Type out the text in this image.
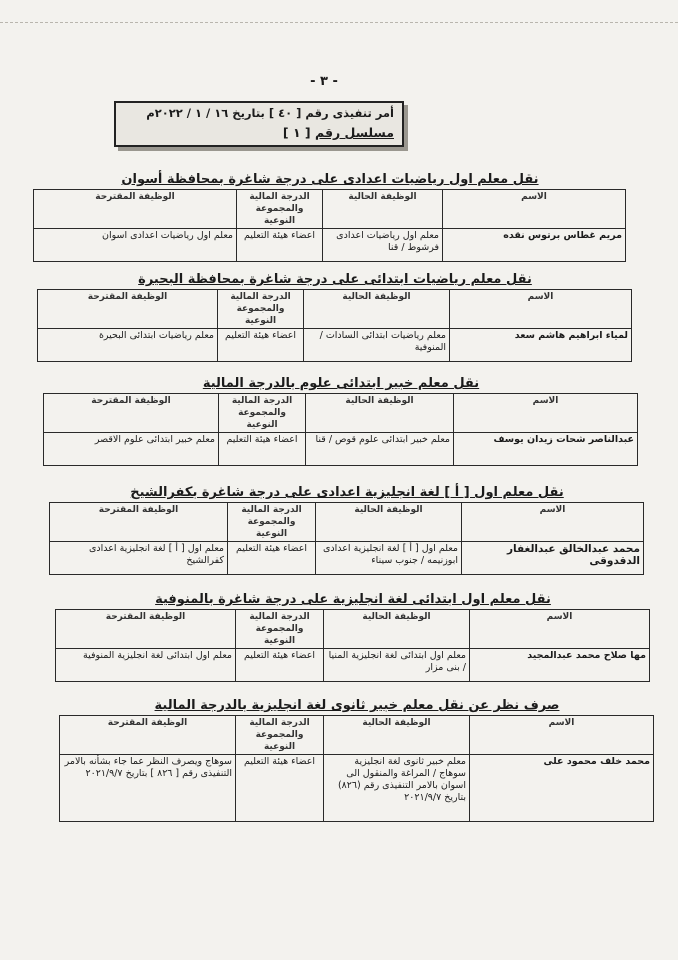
- ٣ -
أمر تنفيذى رقم [ ٤٠ ] بتاريخ ١٦ / ١ / ٢٠٢٢م
مسلسل رقم [ ١ ]
نقل معلم اول رياضيات اعدادى على درجة شاغرة بمحافظة أسوان
الاسم	الوظيفة الحالية	الدرجة المالية والمجموعة النوعية	الوظيفة المقترحة
مريم غطاس برتوس نقده	معلم اول رياضيات اعدادى فرشوط / قنا	اعضاء هيئة التعليم	معلم اول رياضيات اعدادى اسوان
نقل معلم رياضيات ابتدائى على درجة شاغرة بمحافظة البحيرة
الاسم	الوظيفة الحالية	الدرجة المالية والمجموعة النوعية	الوظيفة المقترحة
لمياء ابراهيم هاشم سعد	معلم رياضيات ابتدائى السادات / المنوفية	اعضاء هيئة التعليم	معلم رياضيات ابتدائى البحيرة
نقل معلم خبير ابتدائى علوم بالدرجة المالية
الاسم	الوظيفة الحالية	الدرجة المالية والمجموعة النوعية	الوظيفة المقترحة
عبدالناصر شحات زيدان يوسف	معلم خبير ابتدائى علوم قوص / قنا	اعضاء هيئة التعليم	معلم خبير ابتدائى علوم الاقصر
نقل معلم اول [ أ ] لغة انجليزية اعدادى على درجة شاغرة بكفرالشيخ
الاسم	الوظيفة الحالية	الدرجة المالية والمجموعة النوعية	الوظيفة المقترحة
محمد عبدالخالق عبدالغفار الدقدوقى	معلم اول [ أ ] لغة انجليزية اعدادى ابوزنيمه / جنوب سيناء	اعضاء هيئة التعليم	معلم اول [ أ ] لغة انجليزية اعدادى كفرالشيخ
نقل معلم اول ابتدائى لغة انجليزية على درجة شاغرة بالمنوفية
الاسم	الوظيفة الحالية	الدرجة المالية والمجموعة النوعية	الوظيفة المقترحة
مها صلاح محمد عبدالمجيد	معلم اول ابتدائى لغة انجليزية المنيا / بنى مزار	اعضاء هيئة التعليم	معلم اول ابتدائى لغة انجليزية المنوفية
صرف نظر عن نقل معلم خبير ثانوى لغة انجليزية بالدرجة المالية
الاسم	الوظيفة الحالية	الدرجة المالية والمجموعة النوعية	الوظيفة المقترحة
محمد خلف محمود على	معلم خبير ثانوى لغة انجليزية سوهاج / المراغة والمنقول الى اسوان بالامر التنفيذى رقم (٨٢٦) بتاريخ ٢٠٢١/٩/٧	اعضاء هيئة التعليم	سوهاج ويصرف النظر عما جاء بشأنه بالامر التنفيذى رقم [ ٨٢٦ ] بتاريخ ٢٠٢١/٩/٧
